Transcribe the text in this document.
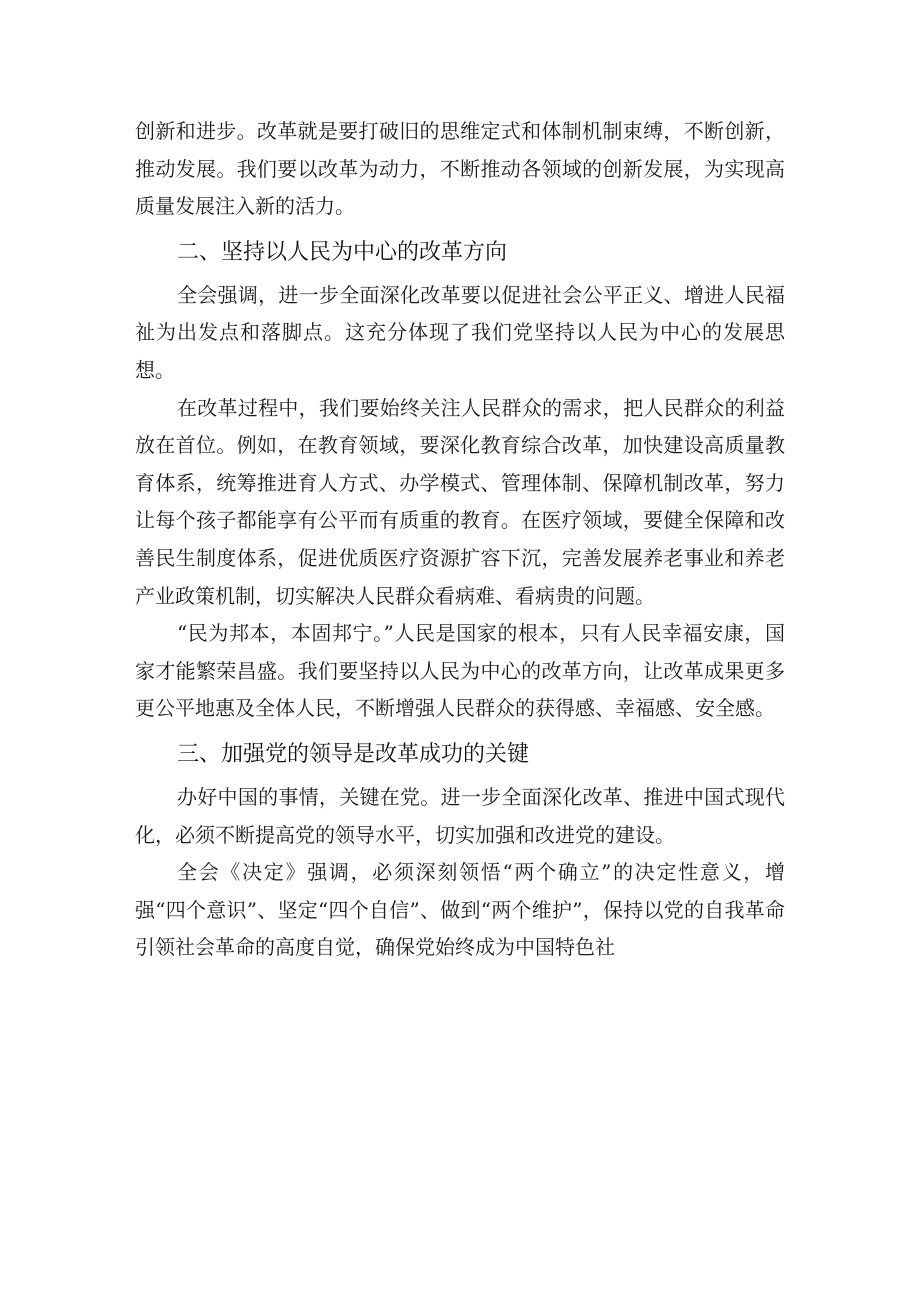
创新和进步。改革就是要打破旧的思维定式和体制机制束缚，不断创新，推动发展。我们要以改革为动力，不断推动各领域的创新发展，为实现高质量发展注入新的活力。

二、坚持以人民为中心的改革方向

全会强调，进一步全面深化改革要以促进社会公平正义、增进人民福祉为出发点和落脚点。这充分体现了我们党坚持以人民为中心的发展思想。

在改革过程中，我们要始终关注人民群众的需求，把人民群众的利益放在首位。例如，在教育领域，要深化教育综合改革，加快建设高质量教育体系，统筹推进育人方式、办学模式、管理体制、保障机制改革，努力让每个孩子都能享有公平而有质重的教育。在医疗领域，要健全保障和改善民生制度体系，促进优质医疗资源扩容下沉，完善发展养老事业和养老产业政策机制，切实解决人民群众看病难、看病贵的问题。

“民为邦本，本固邦宁。”人民是国家的根本，只有人民幸福安康，国家才能繁荣昌盛。我们要坚持以人民为中心的改革方向，让改革成果更多更公平地惠及全体人民，不断增强人民群众的获得感、幸福感、安全感。

三、加强党的领导是改革成功的关键

办好中国的事情，关键在党。进一步全面深化改革、推进中国式现代化，必须不断提高党的领导水平，切实加强和改进党的建设。

全会《决定》强调，必须深刻领悟“两个确立”的决定性意义，增强“四个意识”、坚定“四个自信”、做到“两个维护”，保持以党的自我革命引领社会革命的高度自觉，确保党始终成为中国特色社
